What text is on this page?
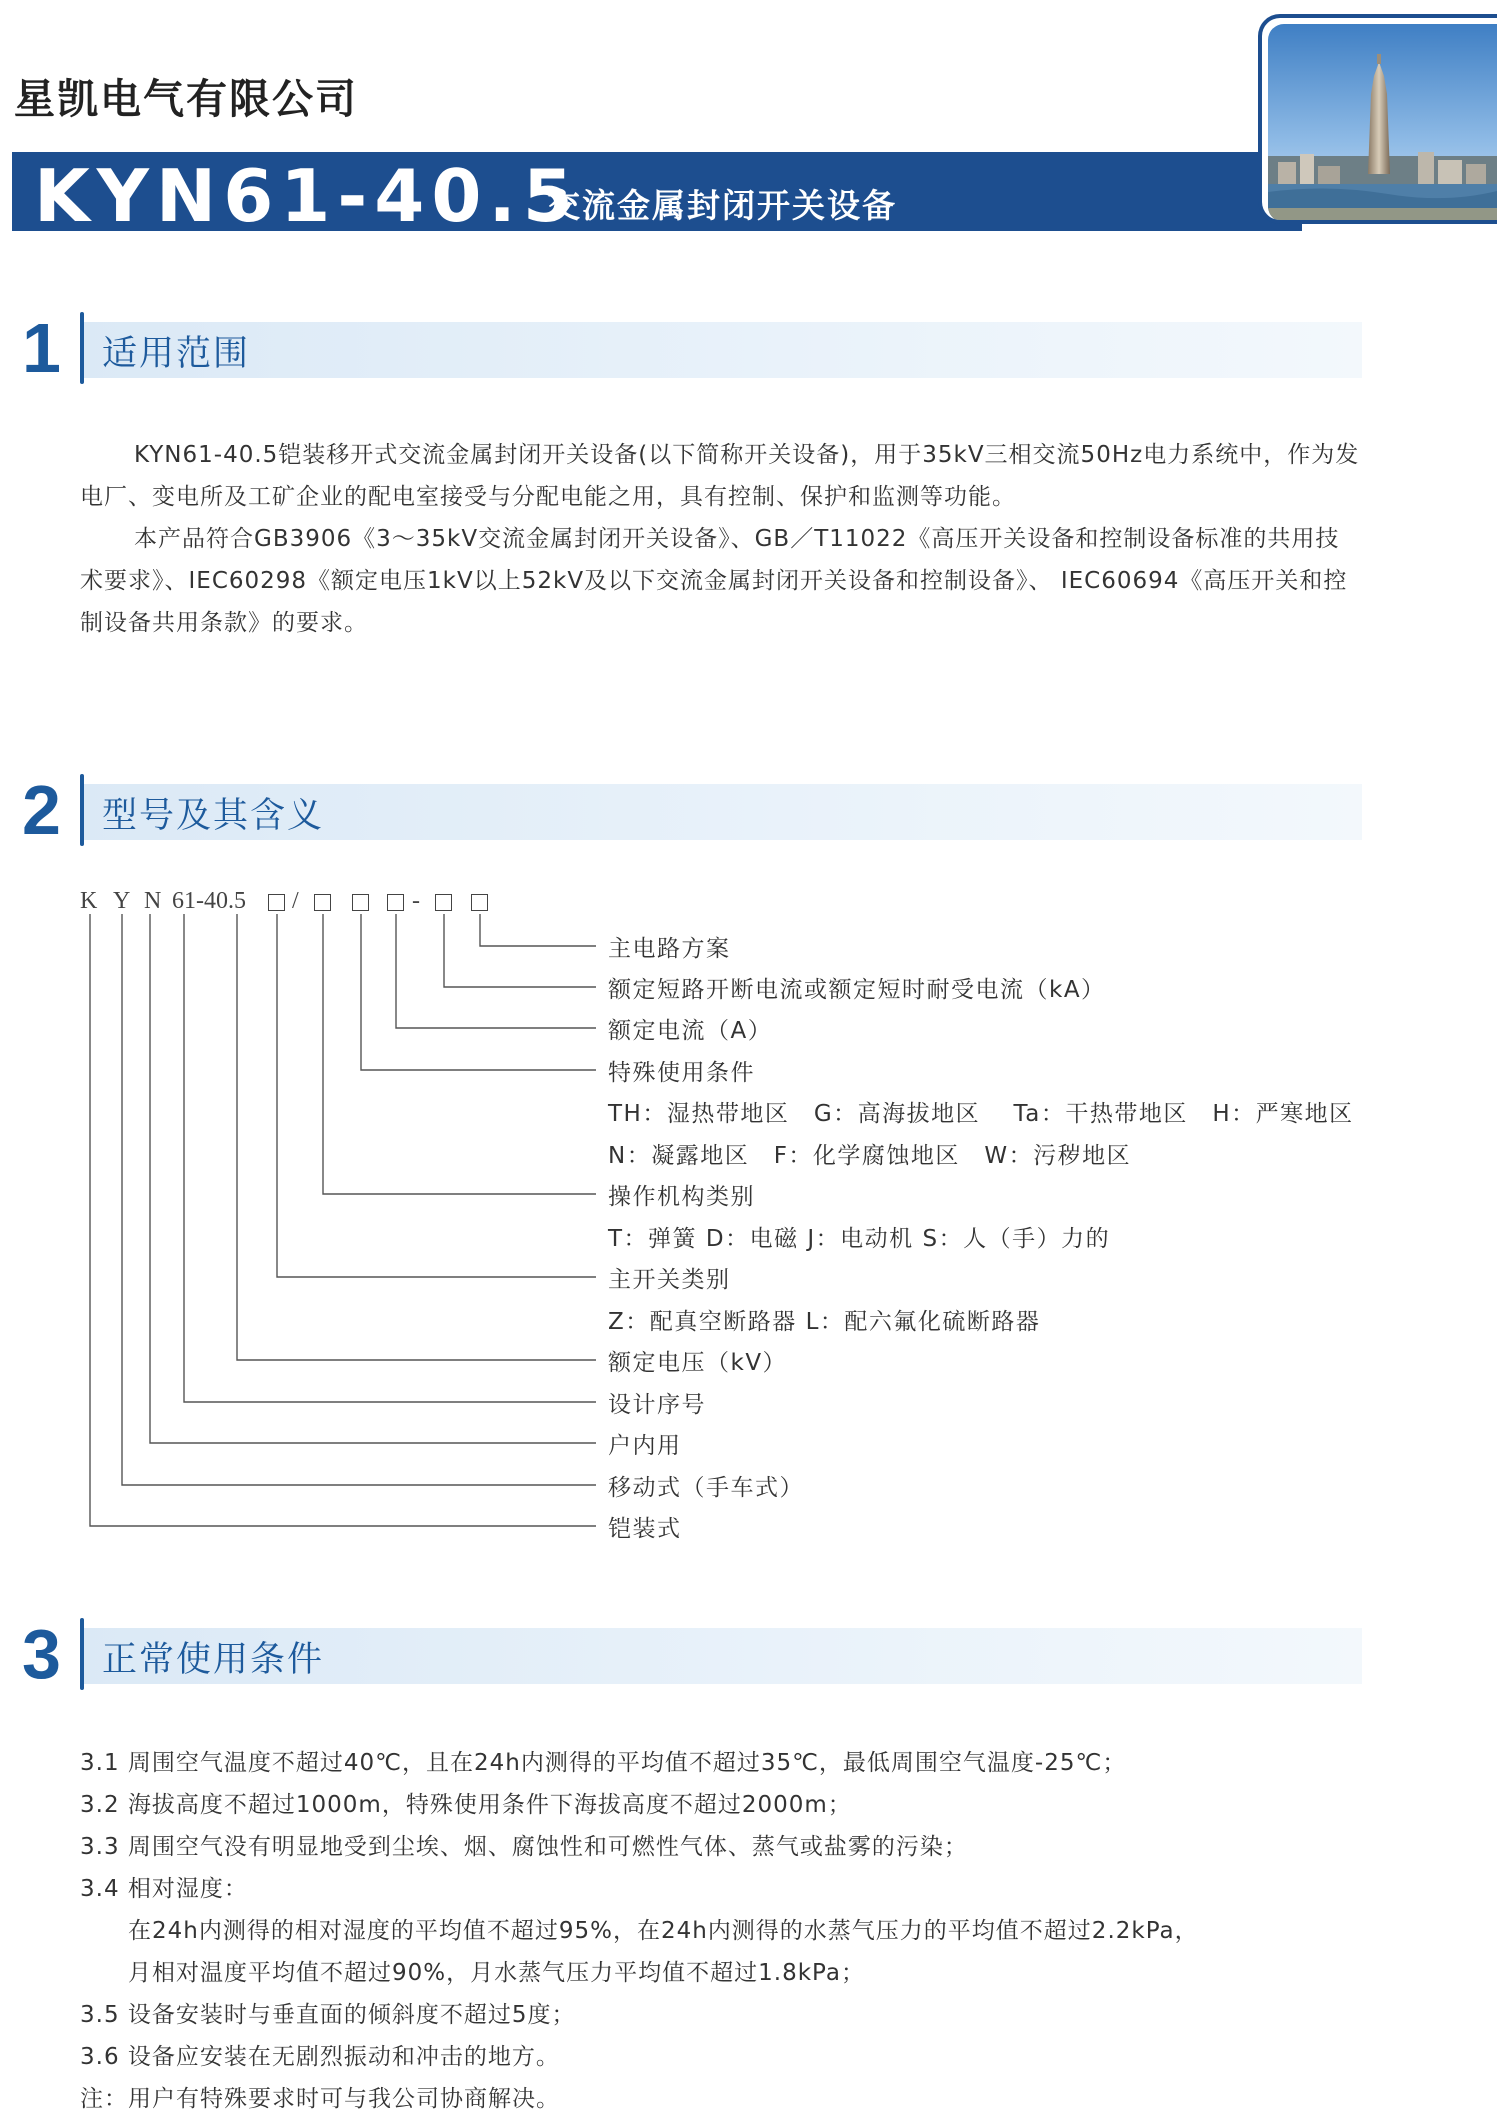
星凯电气有限公司
KYN61-40.5
交流金属封闭开关设备
1 适用范围

KYN61-40.5铠装移开式交流金属封闭开关设备(以下简称开关设备)，用于35kV三相交流50Hz电力系统中，作为发电厂、变电所及工矿企业的配电室接受与分配电能之用，具有控制、保护和监测等功能。

本产品符合GB3906《3～35kV交流金属封闭开关设备》、GB／T11022《高压开关设备和控制设备标准的共用技术要求》、IEC60298《额定电压1kV以上52kV及以下交流金属封闭开关设备和控制设备》、 IEC60694《高压开关和控制设备共用条款》的要求。

2 型号及其含义
K Y N 61-40.5 /	-
主电路方案
额定短路开断电流或额定短时耐受电流（kA）
额定电流（A）
特殊使用条件
TH：湿热带地区　G：高海拔地区　 Ta：干热带地区　H：严寒地区
N：凝露地区　F：化学腐蚀地区　W：污秽地区
操作机构类别
T：弹簧 D：电磁 J：电动机 S：人（手）力的
主开关类别
Z：配真空断路器 L：配六氟化硫断路器
额定电压（kV）
设计序号
户内用
移动式（手车式）
铠装式
3 正常使用条件
3.1 周围空气温度不超过40℃，且在24h内测得的平均值不超过35℃，最低周围空气温度-25℃；
3.2 海拔高度不超过1000m，特殊使用条件下海拔高度不超过2000m；
3.3 周围空气没有明显地受到尘埃、烟、腐蚀性和可燃性气体、蒸气或盐雾的污染；
3.4 相对湿度：
在24h内测得的相对湿度的平均值不超过95%，在24h内测得的水蒸气压力的平均值不超过2.2kPa，
月相对温度平均值不超过90%，月水蒸气压力平均值不超过1.8kPa；
3.5 设备安装时与垂直面的倾斜度不超过5度；
3.6 设备应安装在无剧烈振动和冲击的地方。
注：用户有特殊要求时可与我公司协商解决。
